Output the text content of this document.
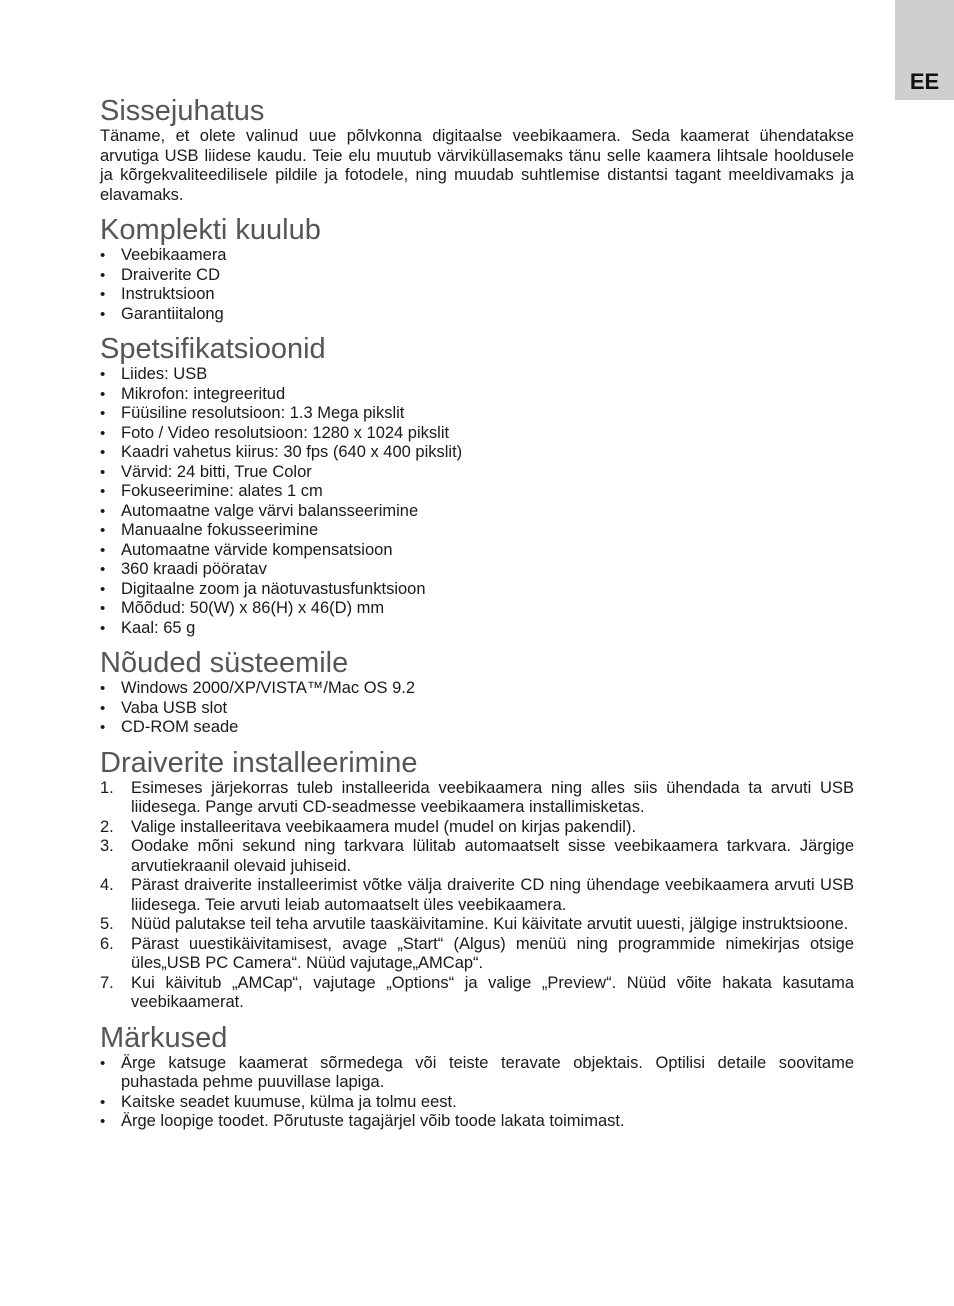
EE
Sissejuhatus

Täname, et olete valinud uue põlvkonna digitaalse veebikaamera. Seda kaamerat ühendatakse arvutiga USB liidese kaudu. Teie elu muutub värviküllasemaks tänu selle kaamera lihtsale hooldusele ja kõrgekvaliteedilisele pildile ja fotodele, ning muudab suhtlemise distantsi tagant meeldivamaks ja elavamaks.

Komplekti kuulub
• Veebikaamera
• Draiverite CD
• Instruktsioon
• Garantiitalong
Spetsifikatsioonid
• Liides: USB
• Mikrofon: integreeritud
• Füüsiline resolutsioon: 1.3 Mega pikslit
• Foto / Video resolutsioon: 1280 x 1024 pikslit
• Kaadri vahetus kiirus: 30 fps (640 x 400 pikslit)
• Värvid: 24 bitti, True Color
• Fokuseerimine: alates 1 cm
• Automaatne valge värvi balansseerimine
• Manuaalne fokusseerimine
• Automaatne värvide kompensatsioon
• 360 kraadi pööratav
• Digitaalne zoom ja näotuvastusfunktsioon
• Mõõdud: 50(W) x 86(H) x 46(D) mm
• Kaal: 65 g
Nõuded süsteemile
• Windows 2000/XP/VISTA™/Mac OS 9.2
• Vaba USB slot
• CD-ROM seade
Draiverite installeerimine
1. Esimeses järjekorras tuleb installeerida veebikaamera ning alles siis ühendada ta arvuti USB liidesega. Pange arvuti CD-seadmesse veebikaamera installimisketas.
2. Valige installeeritava veebikaamera mudel (mudel on kirjas pakendil).
3. Oodake mõni sekund ning tarkvara lülitab automaatselt sisse veebikaamera tarkvara. Järgige arvutiekraanil olevaid juhiseid.
4. Pärast draiverite installeerimist võtke välja draiverite CD ning ühendage veebikaamera arvuti USB liidesega. Teie arvuti leiab automaatselt üles veebikaamera.
5. Nüüd palutakse teil teha arvutile taaskäivitamine. Kui käivitate arvutit uuesti, jälgige instruktsioone.
6. Pärast uuestikäivitamisest, avage „Start“ (Algus) menüü ning programmide nimekirjas otsige üles„USB PC Camera“. Nüüd vajutage„AMCap“.
7. Kui käivitub „AMCap“, vajutage „Options“ ja valige „Preview“. Nüüd võite hakata kasutama veebikaamerat.
Märkused
• Ärge katsuge kaamerat sõrmedega või teiste teravate objektais. Optilisi detaile soovitame puhastada pehme puuvillase lapiga.
• Kaitske seadet kuumuse, külma ja tolmu eest.
• Ärge loopige toodet. Põrutuste tagajärjel võib toode lakata toimimast.
